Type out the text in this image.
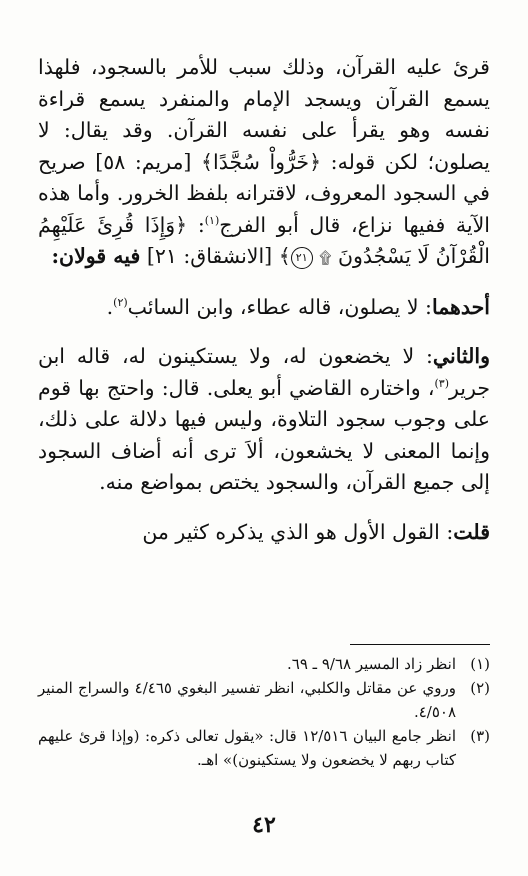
قرئ عليه القرآن، وذلك سبب للأمر بالسجود، فلهذا يسمع القرآن ويسجد الإمام والمنفرد يسمع قراءة نفسه وهو يقرأ على نفسه القرآن. وقد يقال: لا يصلون؛ لكن قوله: ﴿خَرُّواْ سُجَّدًا﴾ [مريم: ٥٨] صريح في السجود المعروف، لاقترانه بلفظ الخرور. وأما هذه الآية ففيها نزاع، قال أبو الفرج$^{(١)}$: ﴿وَإِذَا قُرِئَ عَلَيْهِمُ الْقُرْآنُ لَا يَسْجُدُونَ ۩ ٢١﴾ [الانشقاق: ٢١] فيه قولان:

أحدهما: لا يصلون، قاله عطاء، وابن السائب$^{(٢)}$.

والثاني: لا يخضعون له، ولا يستكينون له، قاله ابن جرير$^{(٣)}$، واختاره القاضي أبو يعلى. قال: واحتج بها قوم على وجوب سجود التلاوة، وليس فيها دلالة على ذلك، وإنما المعنى لا يخشعون، ألاَ ترى أنه أضاف السجود إلى جميع القرآن، والسجود يختص بمواضع منه.

قلت: القول الأول هو الذي يذكره كثير من

(١)
انظر زاد المسير ٩/٦٨ ـ ٦٩.

(٢)
وروي عن مقاتل والكلبي، انظر تفسير البغوي ٤/٤٦٥ والسراج المنير ٤/٥٠٨.

(٣)
انظر جامع البيان ١٢/٥١٦ قال: «يقول تعالى ذكره: (وإذا قرئ عليهم كتاب ربهم لا يخضعون ولا يستكينون)» اهـ.

٤٢
